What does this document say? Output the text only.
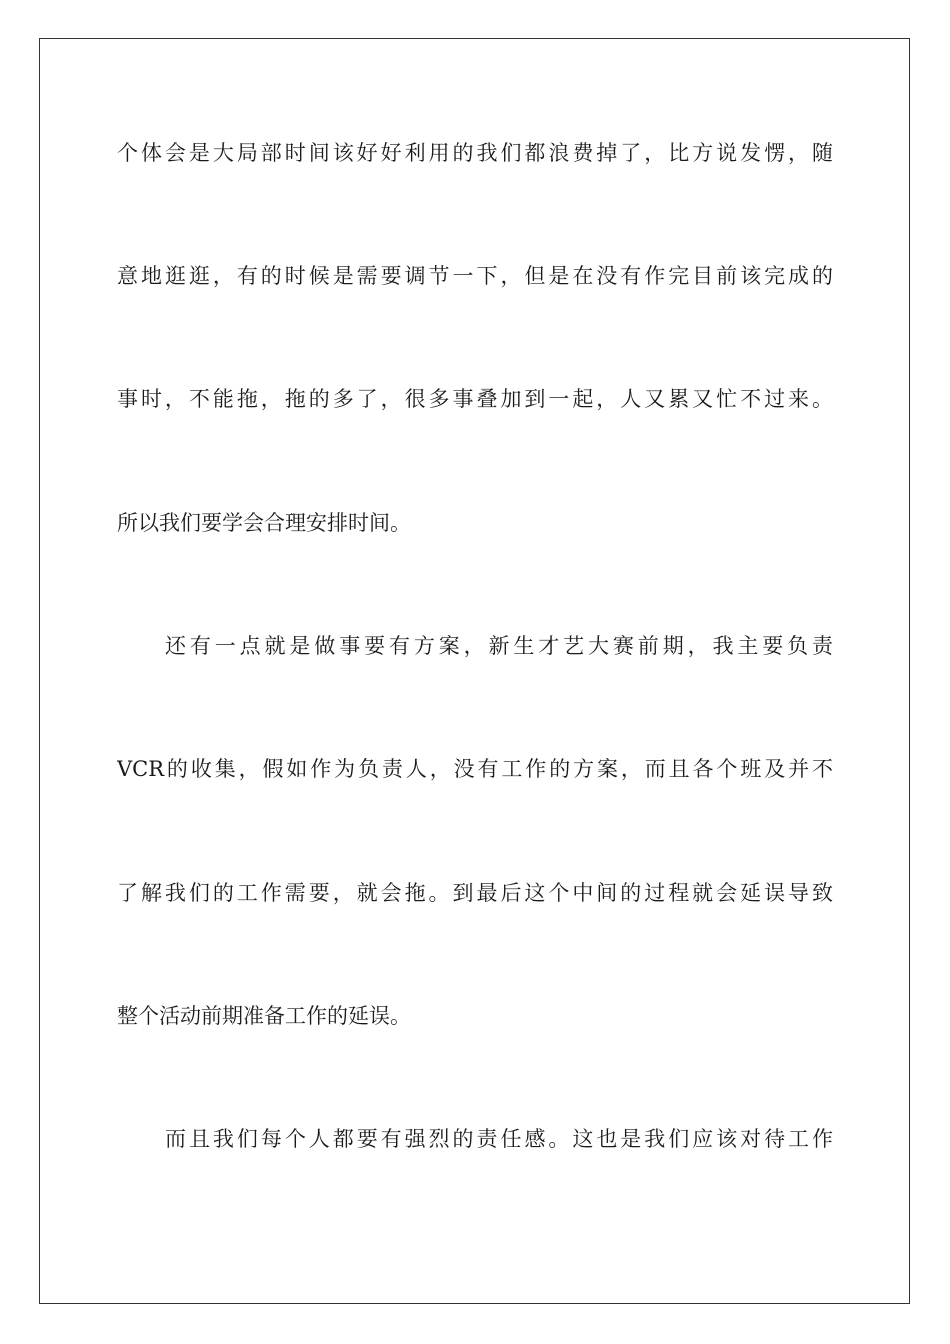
个体会是大局部时间该好好利用的我们都浪费掉了，比方说发愣，随
意地逛逛，有的时候是需要调节一下，但是在没有作完目前该完成的
事时，不能拖，拖的多了，很多事叠加到一起，人又累又忙不过来。
所以我们要学会合理安排时间。
还有一点就是做事要有方案，新生才艺大赛前期，我主要负责
VCR的收集，假如作为负责人，没有工作的方案，而且各个班及并不
了解我们的工作需要，就会拖。到最后这个中间的过程就会延误导致
整个活动前期准备工作的延误。
而且我们每个人都要有强烈的责任感。这也是我们应该对待工作
